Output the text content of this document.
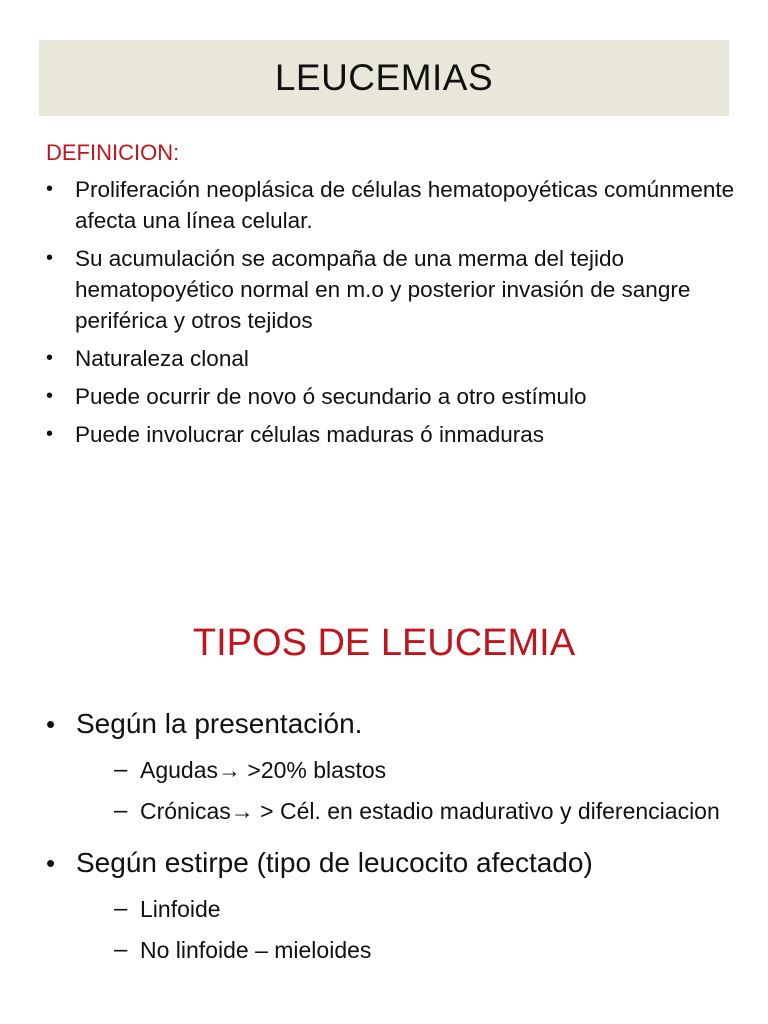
LEUCEMIAS
DEFINICION:
• Proliferación neoplásica de células hematopoyéticas comúnmente afecta una línea celular.
• Su acumulación se acompaña de una merma del tejido hematopoyético normal en m.o y posterior invasión de sangre periférica y otros tejidos
• Naturaleza clonal
• Puede ocurrir de novo ó secundario a otro estímulo
• Puede involucrar células maduras ó inmaduras
TIPOS DE LEUCEMIA
• Según la presentación.
– Agudas→ >20% blastos
– Crónicas→ > Cél. en estadio madurativo y diferenciacion
• Según estirpe (tipo de leucocito afectado)
– Linfoide
– No linfoide – mieloides
